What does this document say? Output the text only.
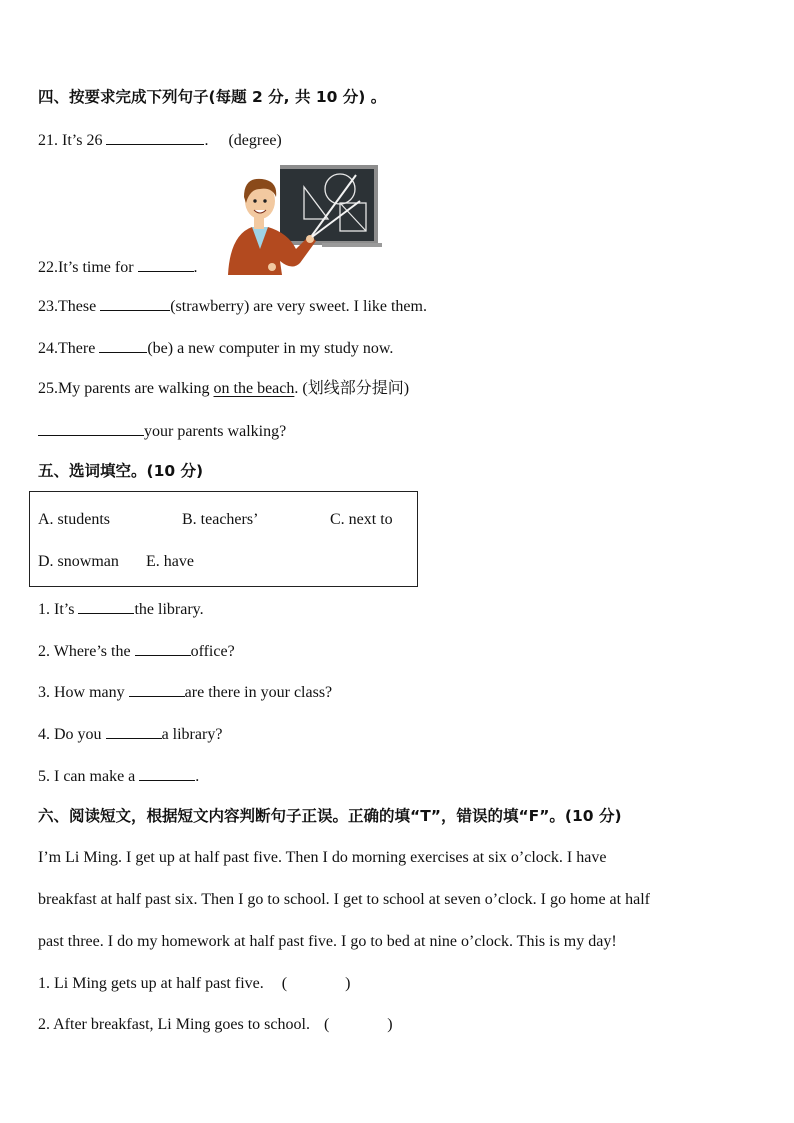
四、按要求完成下列句子(每题 2 分, 共 10 分) 。
21. It’s 26	. (degree)
22.It’s time for	.
23.These	(strawberry) are very sweet. I like them.
24.There	(be) a new computer in my study now.
25.My parents are walking on the beach. (划线部分提问)
your parents walking?
五、选词填空。(10 分)
A. students	B. teachers’	C. next to
D. snowman E. have
1. It’s	the library.
2. Where’s the	office?
3. How many	are there in your class?
4. Do you	a library?
5. I can make a	.
六、阅读短文，根据短文内容判断句子正误。正确的填“T”，错误的填“F”。(10 分)
I’m Li Ming. I get up at half past five. Then I do morning exercises at six o’clock. I have
breakfast at half past six. Then I go to school. I get to school at seven o’clock. I go home at half
past three. I do my homework at half past five. I go to bed at nine o’clock. This is my day!
1. Li Ming gets up at half past five. (	)
2. After breakfast, Li Ming goes to school. (	)
